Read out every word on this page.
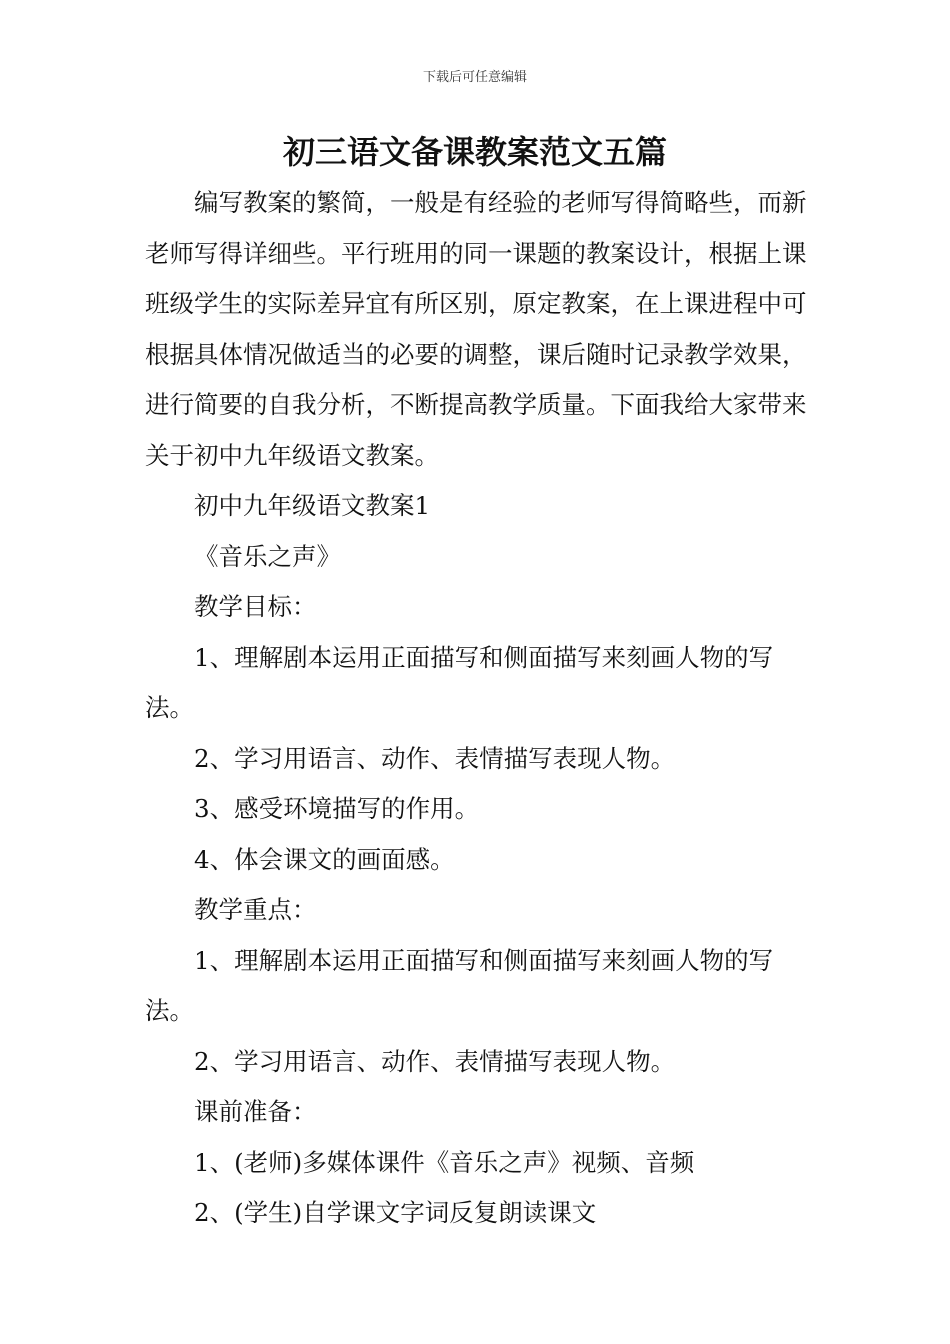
下载后可任意编辑
初三语文备课教案范文五篇

编写教案的繁简，一般是有经验的老师写得简略些，而新老师写得详细些。平行班用的同一课题的教案设计，根据上课班级学生的实际差异宜有所区别，原定教案，在上课进程中可根据具体情况做适当的必要的调整，课后随时记录教学效果，进行简要的自我分析，不断提高教学质量。下面我给大家带来关于初中九年级语文教案。

初中九年级语文教案1

《音乐之声》

教学目标：

1、理解剧本运用正面描写和侧面描写来刻画人物的写法。

2、学习用语言、动作、表情描写表现人物。

3、感受环境描写的作用。

4、体会课文的画面感。

教学重点：

1、理解剧本运用正面描写和侧面描写来刻画人物的写法。

2、学习用语言、动作、表情描写表现人物。

课前准备：

1、(老师)多媒体课件《音乐之声》视频、音频

2、(学生)自学课文字词反复朗读课文
